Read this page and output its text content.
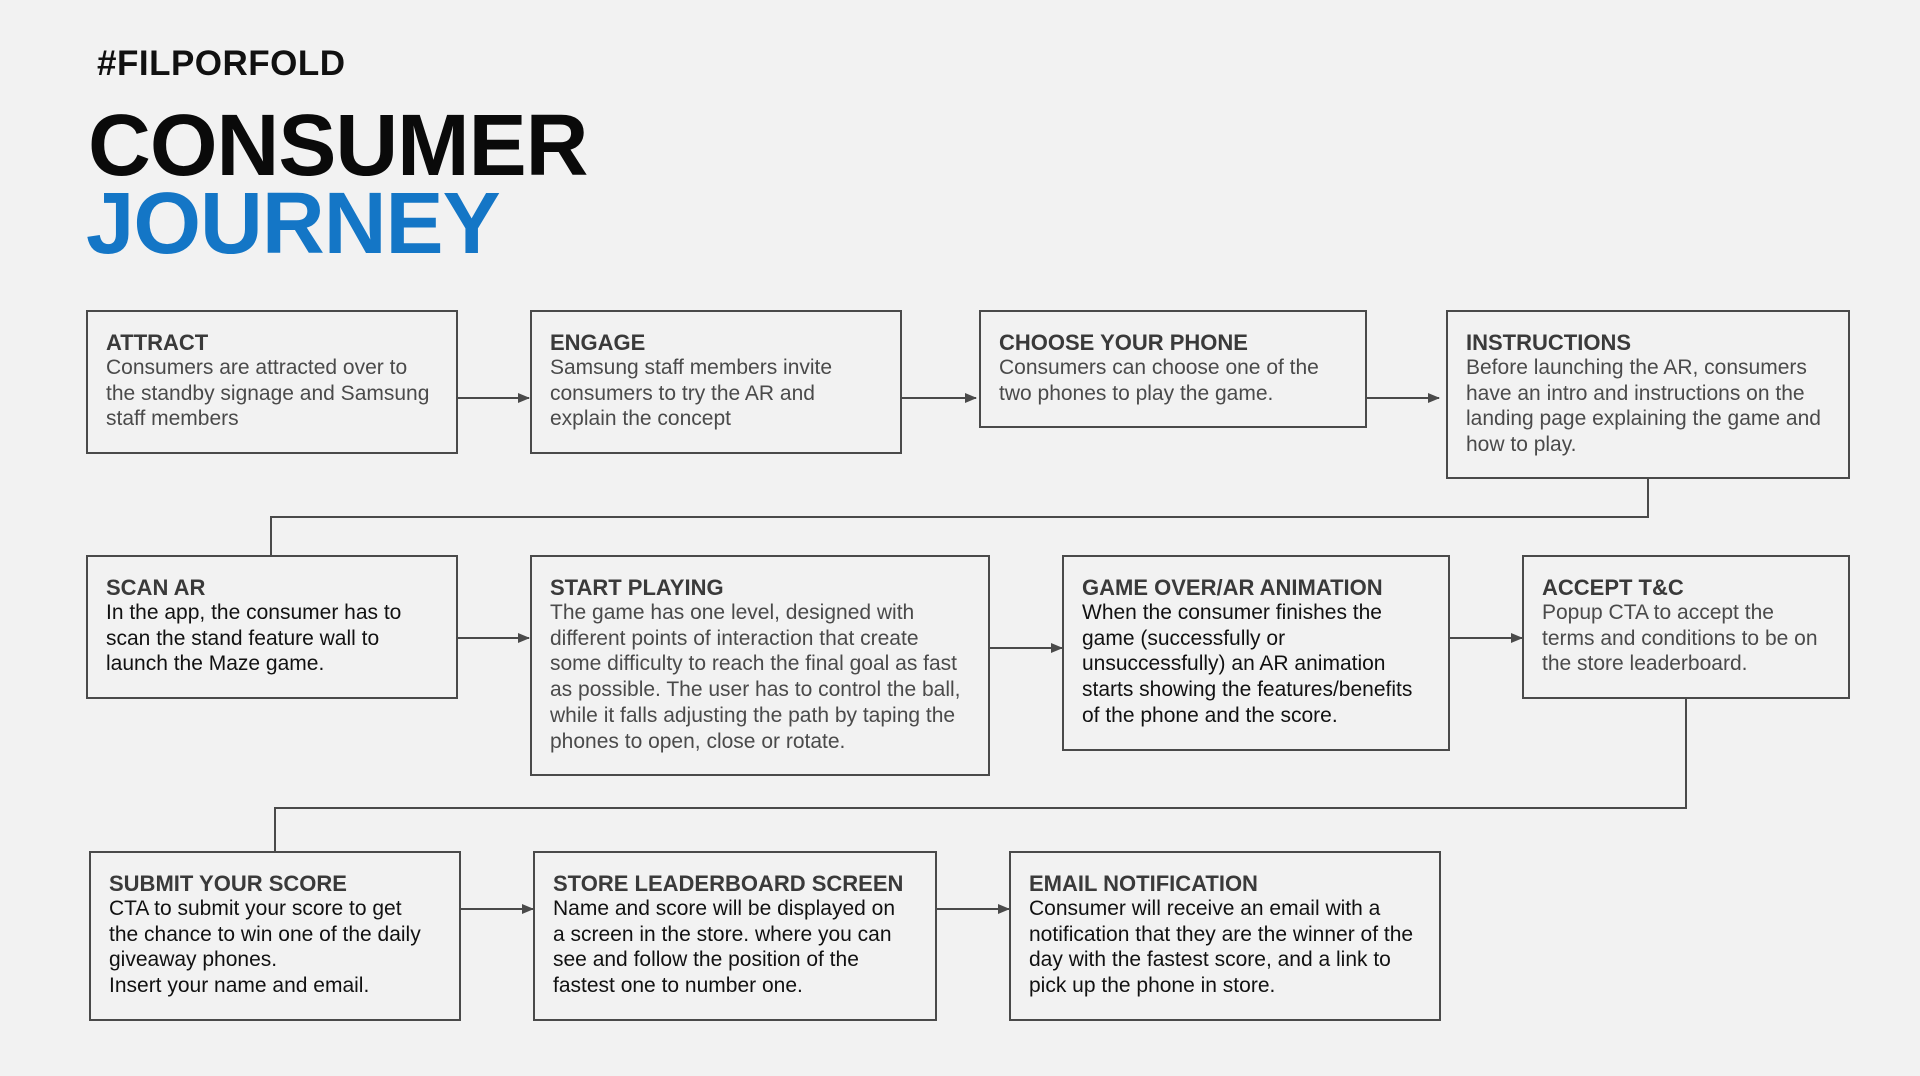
#FILPORFOLD
CONSUMER
JOURNEY
ATTRACT
Consumers are attracted over to
the standby signage and Samsung
staff members
ENGAGE
Samsung staff members invite
consumers to try the AR and
explain the concept
CHOOSE YOUR PHONE
Consumers can choose one of the
two phones to play the game.
INSTRUCTIONS
Before launching the AR, consumers
have an intro and instructions on the
landing page explaining the game and
how to play.
SCAN AR
In the app, the consumer has to
scan the stand feature wall to
launch the Maze game.
START PLAYING
The game has one level, designed with
different points of interaction that create
some difficulty to reach the final goal as fast
as possible. The user has to control the ball,
while it falls adjusting the path by taping the
phones to open, close or rotate.
GAME OVER/AR ANIMATION
When the consumer finishes the
game (successfully or
unsuccessfully) an AR animation
starts showing the features/benefits
of the phone and the score.
ACCEPT T&C
Popup CTA to accept the
terms and conditions to be on
the store leaderboard.
SUBMIT YOUR SCORE
CTA to submit your score to get
the chance to win one of the daily
giveaway phones.
Insert your name and email.
STORE LEADERBOARD SCREEN
Name and score will be displayed on
a screen in the store. where you can
see and follow the position of the
fastest one to number one.
EMAIL NOTIFICATION
Consumer will receive an email with a
notification that they are the winner of the
day with the fastest score, and a link to
pick up the phone in store.
